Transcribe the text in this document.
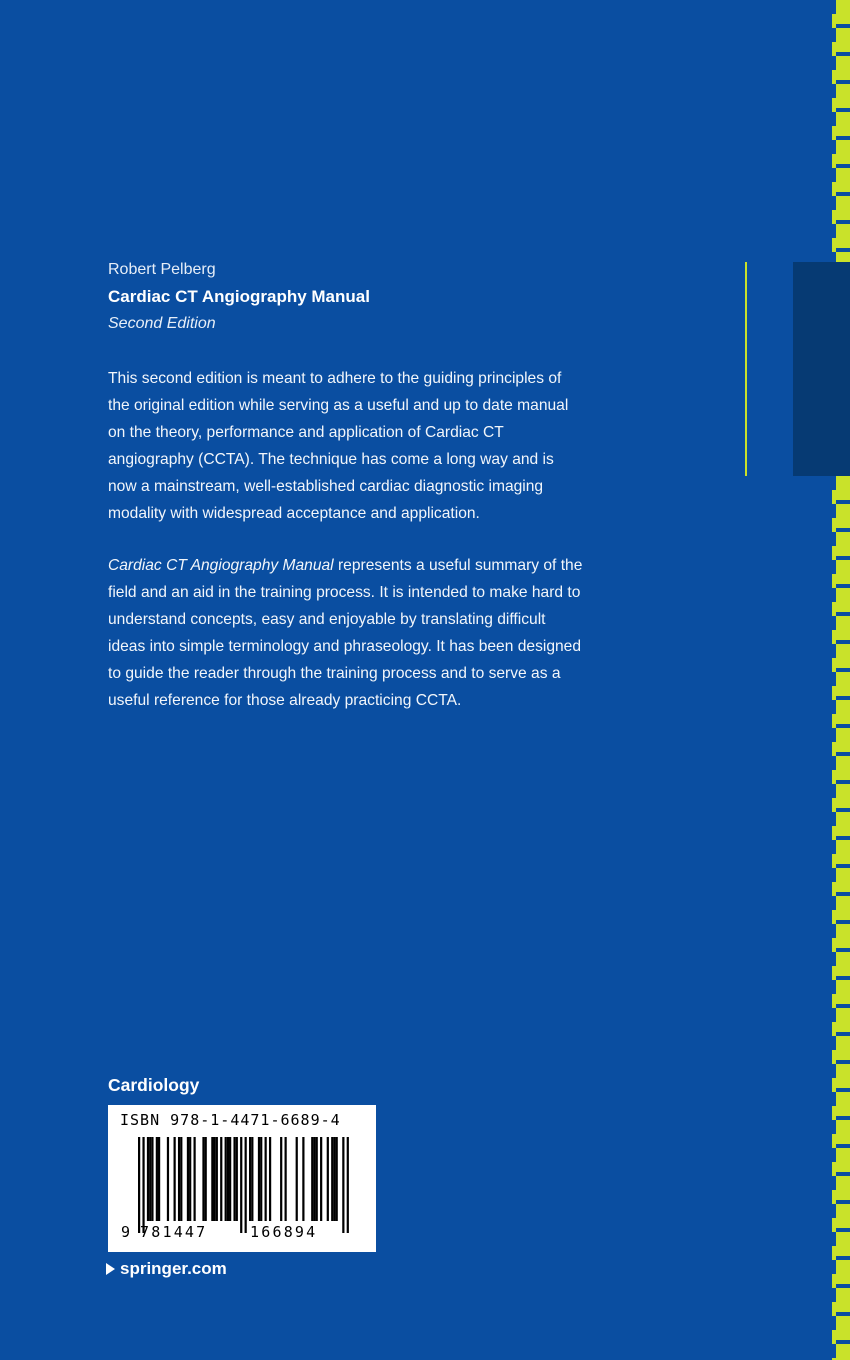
Robert Pelberg
Cardiac CT Angiography Manual
Second Edition

This second edition is meant to adhere to the guiding principles of the original edition while serving as a useful and up to date manual on the theory, performance and application of Cardiac CT angiography (CCTA). The technique has come a long way and is now a mainstream, well-established cardiac diagnostic imaging modality with widespread acceptance and application.

Cardiac CT Angiography Manual represents a useful summary of the field and an aid in the training process. It is intended to make hard to understand concepts, easy and enjoyable by translating difficult ideas into simple terminology and phraseology. It has been designed to guide the reader through the training process and to serve as a useful reference for those already practicing CCTA.

Cardiology
ISBN 978-1-4471-6689-4
9 781447	166894
springer.com
